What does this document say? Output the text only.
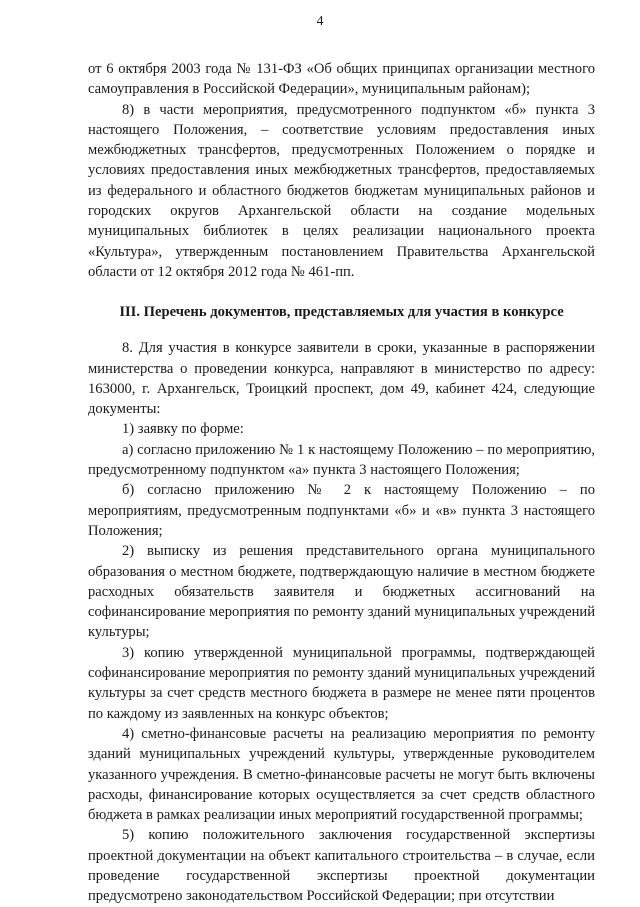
4

от 6 октября 2003 года № 131-ФЗ «Об общих принципах организации местного самоуправления в Российской Федерации», муниципальным районам);

8) в части мероприятия, предусмотренного подпунктом «б» пункта 3 настоящего Положения, – соответствие условиям предоставления иных межбюджетных трансфертов, предусмотренных Положением о порядке и условиях предоставления иных межбюджетных трансфертов, предоставляемых из федерального и областного бюджетов бюджетам муниципальных районов и городских округов Архангельской области на создание модельных муниципальных библиотек в целях реализации национального проекта «Культура», утвержденным постановлением Правительства Архангельской области от 12 октября 2012 года № 461-пп.

III. Перечень документов, представляемых для участия в конкурсе

8. Для участия в конкурсе заявители в сроки, указанные в распоряжении министерства о проведении конкурса, направляют в министерство по адресу: 163000, г. Архангельск, Троицкий проспект, дом 49, кабинет 424, следующие документы:

1) заявку по форме:

а) согласно приложению № 1 к настоящему Положению – по мероприятию, предусмотренному подпунктом «а» пункта 3 настоящего Положения;

б) согласно приложению № 2 к настоящему Положению – по мероприятиям, предусмотренным подпунктами «б» и «в» пункта 3 настоящего Положения;

2) выписку из решения представительного органа муниципального образования о местном бюджете, подтверждающую наличие в местном бюджете расходных обязательств заявителя и бюджетных ассигнований на софинансирование мероприятия по ремонту зданий муниципальных учреждений культуры;

3) копию утвержденной муниципальной программы, подтверждающей софинансирование мероприятия по ремонту зданий муниципальных учреждений культуры за счет средств местного бюджета в размере не менее пяти процентов по каждому из заявленных на конкурс объектов;

4) сметно-финансовые расчеты на реализацию мероприятия по ремонту зданий муниципальных учреждений культуры, утвержденные руководителем указанного учреждения. В сметно-финансовые расчеты не могут быть включены расходы, финансирование которых осуществляется за счет средств областного бюджета в рамках реализации иных мероприятий государственной программы;

5) копию положительного заключения государственной экспертизы проектной документации на объект капитального строительства – в случае, если проведение государственной экспертизы проектной документации предусмотрено законодательством Российской Федерации; при отсутствии
